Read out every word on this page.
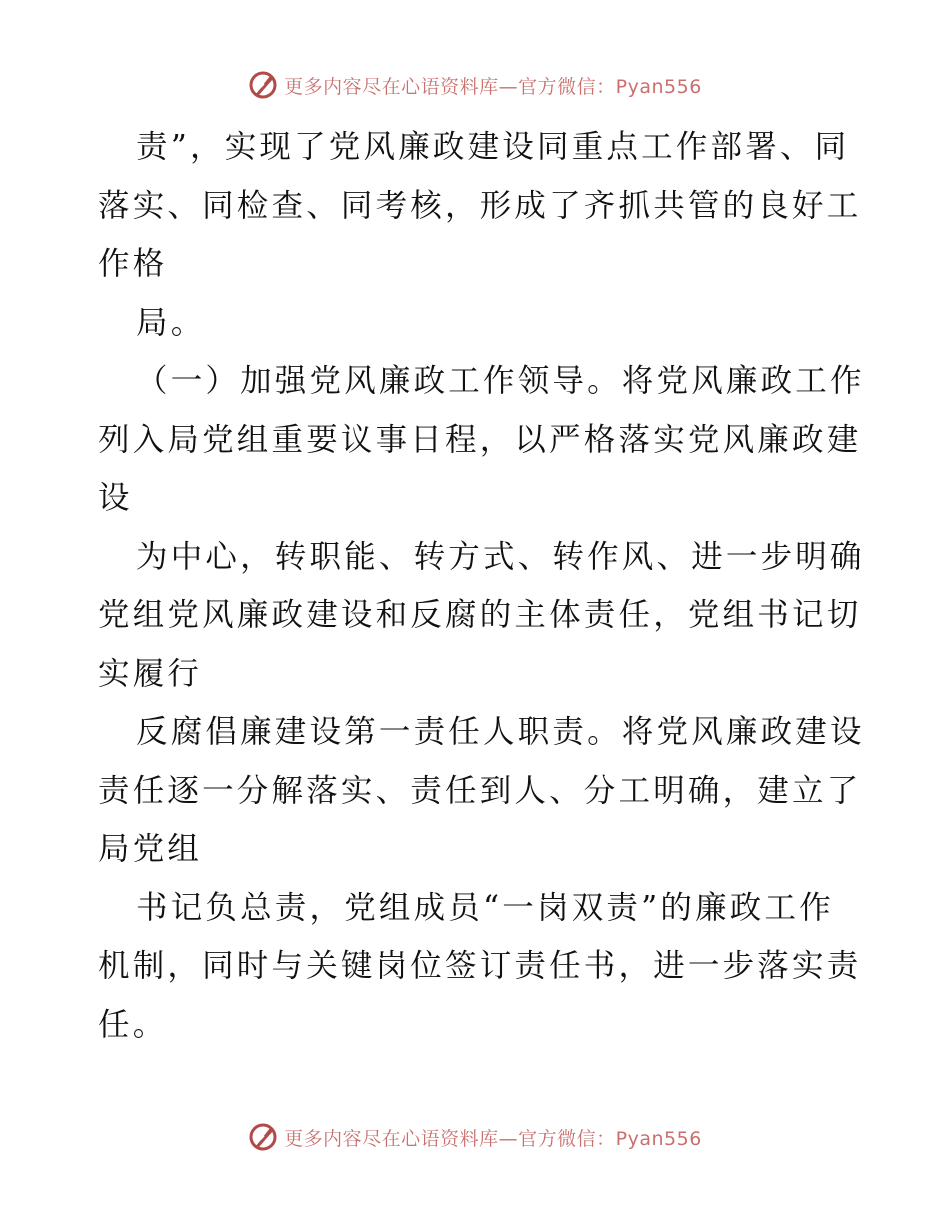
更多内容尽在心语资料库—官方微信：Pyan556
责”，实现了党风廉政建设同重点工作部署、同
落实、同检查、同考核，形成了齐抓共管的良好工
作格
局。
（一）加强党风廉政工作领导。将党风廉政工作
列入局党组重要议事日程，以严格落实党风廉政建
设
为中心，转职能、转方式、转作风、进一步明确
党组党风廉政建设和反腐的主体责任，党组书记切
实履行
反腐倡廉建设第一责任人职责。将党风廉政建设
责任逐一分解落实、责任到人、分工明确，建立了
局党组
书记负总责，党组成员“一岗双责”的廉政工作
机制，同时与关键岗位签订责任书，进一步落实责
任。
更多内容尽在心语资料库—官方微信：Pyan556
